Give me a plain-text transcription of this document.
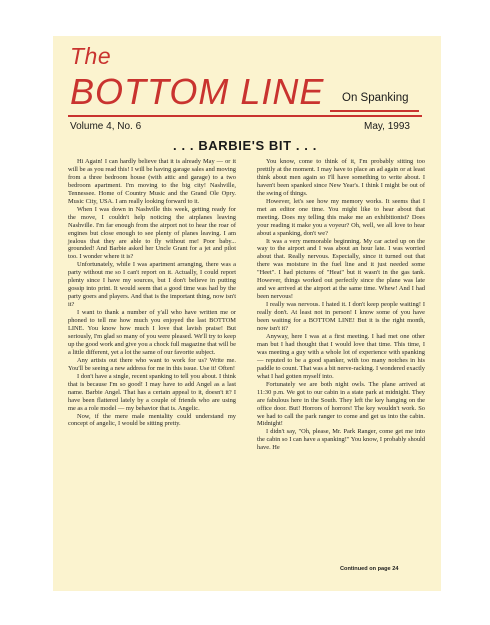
The
BOTTOM LINE On Spanking
Volume 4, No. 6	May, 1993
. . . BARBIE'S BIT . . .

Hi Again! I can hardly believe that it is already May — or it will be as you read this! I will be having garage sales and moving from a three bedroom house (with attic and garage) to a two bedroom apartment. I'm moving to the big city! Nashville, Tennessee. Home of Country Music and the Grand Ole Opry. Music City, USA. I am really looking forward to it.

When I was down in Nashville this week, getting ready for the move, I couldn't help noticing the airplanes leaving Nashville. I'm far enough from the airport not to hear the roar of engines but close enough to see plenty of planes leaving. I am jealous that they are able to fly without me! Poor baby... grounded! And Barbie asked her Uncle Grant for a jet and pilot too. I wonder where it is?

Unfortunately, while I was apartment arranging, there was a party without me so I can't report on it. Actually, I could report plenty since I have my sources, but I don't believe in putting gossip into print. It would seem that a good time was had by the party goers and players. And that is the important thing, now isn't it?

I want to thank a number of y'all who have written me or phoned to tell me how much you enjoyed the last BOTTOM LINE. You know how much I love that lavish praise! But seriously, I'm glad so many of you were pleased. We'll try to keep up the good work and give you a chock full magazine that will be a little different, yet a lot the same of our favorite subject.

Any artists out there who want to work for us? Write me. You'll be seeing a new address for me in this issue. Use it! Often!

I don't have a single, recent spanking to tell you about. I think that is because I'm so good! I may have to add Angel as a last name. Barbie Angel. That has a certain appeal to it, doesn't it? I have been flattered lately by a couple of friends who are using me as a role model — my behavior that is. Angelic.

Now, if the mere male mentality could understand my concept of angelic, I would be sitting pretty.

You know, come to think of it, I'm probably sitting too prettily at the moment. I may have to place an ad again or at least think about men again so I'll have something to write about. I haven't been spanked since New Year's. I think I might be out of the swing of things.

However, let's see how my memory works. It seems that I met an editor one time. You might like to hear about that meeting. Does my telling this make me an exhibitionist? Does your reading it make you a voyeur? Oh, well, we all love to hear about a spanking, don't we?

It was a very memorable beginning. My car acted up on the way to the airport and I was about an hour late. I was worried about that. Really nervous. Especially, since it turned out that there was moisture in the fuel line and it just needed some "Heet". I had pictures of "Heat" but it wasn't in the gas tank. However, things worked out perfectly since the plane was late and we arrived at the airport at the same time. Whew! And I had been nervous!

I really was nervous. I hated it. I don't keep people waiting! I really don't. At least not in person! I know some of you have been waiting for a BOTTOM LINE! But it is the right month, now isn't it?

Anyway, here I was at a first meeting. I had met one other man but I had thought that I would love that time. This time, I was meeting a guy with a whole lot of experience with spanking — reputed to be a good spanker, with too many notches in his paddle to count. That was a bit nerve-racking. I wondered exactly what I had gotten myself into.

Fortunately we are both night owls. The plane arrived at 11:30 p.m. We got to our cabin in a state park at midnight. They are fabulous here in the South. They left the key hanging on the office door. But! Horrors of horrors! The key wouldn't work. So we had to call the park ranger to come and get us into the cabin. Midnight!

I didn't say, "Oh, please, Mr. Park Ranger, come get me into the cabin so I can have a spanking!" You know, I probably should have. He

Continued on page 24
